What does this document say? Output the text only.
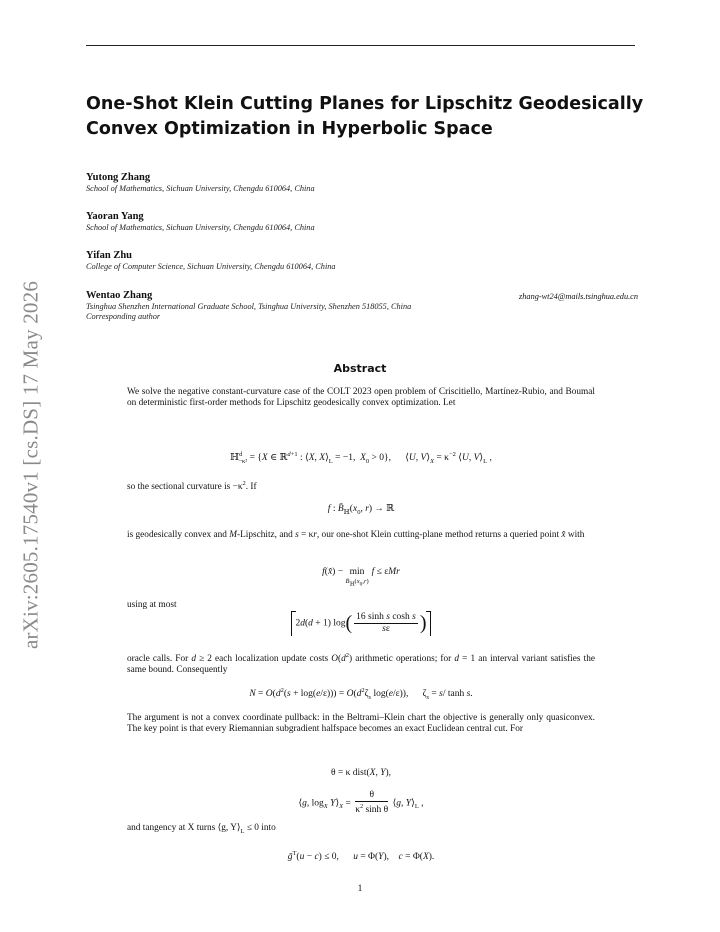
arXiv:2605.17540v1 [cs.DS] 17 May 2026
One-Shot Klein Cutting Planes for Lipschitz Geodesically Convex Optimization in Hyperbolic Space
Yutong Zhang
School of Mathematics, Sichuan University, Chengdu 610064, China
Yaoran Yang
School of Mathematics, Sichuan University, Chengdu 610064, China
Yifan Zhu
College of Computer Science, Sichuan University, Chengdu 610064, China
Wentao Zhang	zhang-wt24@mails.tsinghua.edu.cn
Tsinghua Shenzhen International Graduate School, Tsinghua University, Shenzhen 518055, China
Corresponding author
Abstract
We solve the negative constant-curvature case of the COLT 2023 open problem of Criscitiello, Martínez-Rubio, and Boumal on deterministic first-order methods for Lipschitz geodesically convex optimization. Let
ℍ$^d_{-\kappa^2}$ = {X ∈ ℝ$^{d+1}$ : ⟨X, $X⟩_L = -1$,  $X_0 > 0$},      ⟨U, $V⟩_X = \kappa^{-2}$ ⟨U, $V⟩_L$ ,
so the sectional curvature is $-\kappa^2$. If
f : $B̄_ℍ(x_0$, r) → ℝ
is geodesically convex and M-Lipschitz, and s = κr, our one-shot Klein cutting-plane method returns a queried point x̂ with
f(x̂) − min
$B̄_ℍ(x_0,r)$
f ≤ εMr
using at most
2d(d + 1) $\log( \frac{\text{16 sinh s cosh s}}{s\varepsilon}$ )
oracle calls. For d ≥ 2 each localization update costs $O(d^2)$ arithmetic operations; for d = 1 an interval variant satisfies the same bound. Consequently
$N = O(d^2(s + \log(e/\varepsilon))) = O(d^2\zeta_s$ log(e/ε)),      $\zeta_s = s/$ tanh s.
The argument is not a convex coordinate pullback: in the Beltrami–Klein chart the objective is generally only quasiconvex. The key point is that every Riemannian subgradient halfspace becomes an exact Euclidean central cut. For
θ = κ dist(X, Y),
⟨g, $\log_X$ $Y⟩_X = \frac{\theta}{\kappa^2 \sinh \theta}$ ⟨g, $Y⟩_L$ ,
and tangency at X turns ⟨g, $Y⟩_L \le 0$ into
ḡ$^T$(u − c) ≤ 0,      u = Φ(Y),    c = Φ(X).
1
